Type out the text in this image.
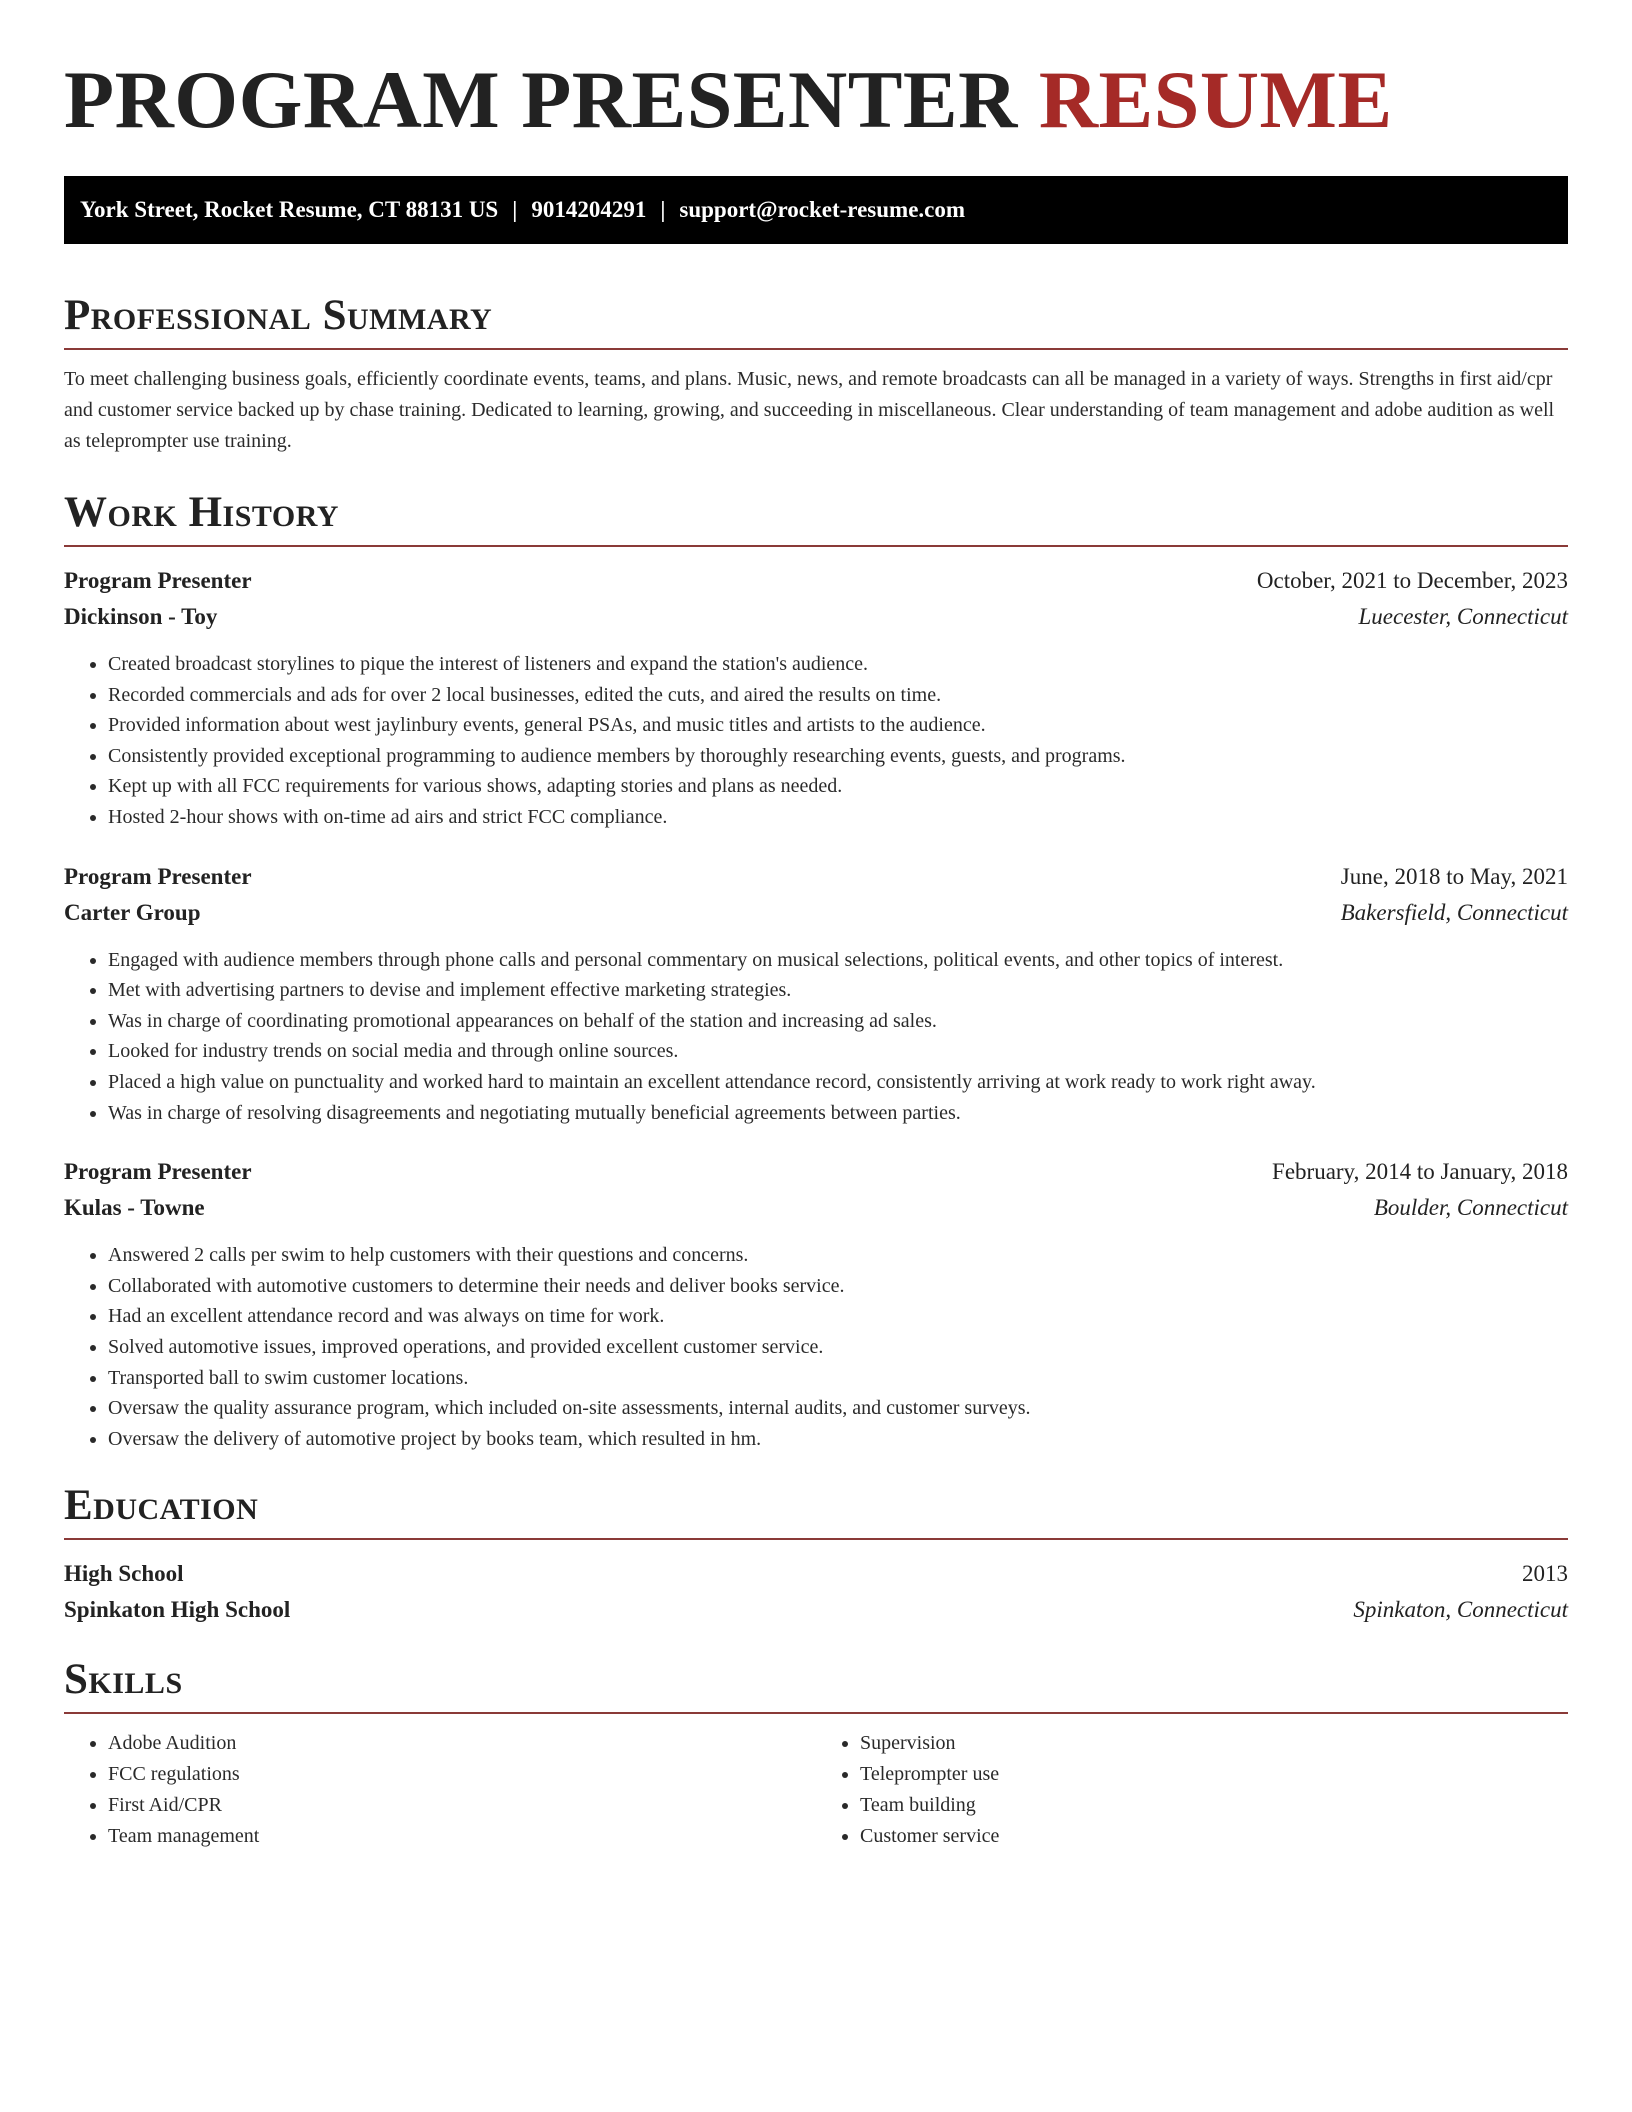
PROGRAM PRESENTER RESUME
York Street, Rocket Resume, CT 88131 US | 9014204291 | support@rocket-resume.com
Professional Summary

To meet challenging business goals, efficiently coordinate events, teams, and plans. Music, news, and remote broadcasts can all be managed in a variety of ways. Strengths in first aid/cpr and customer service backed up by chase training. Dedicated to learning, growing, and succeeding in miscellaneous. Clear understanding of team management and adobe audition as well as teleprompter use training.

Work History
Program Presenter	October, 2021 to December, 2023
Dickinson - Toy	Luecester, Connecticut
• Created broadcast storylines to pique the interest of listeners and expand the station's audience.
• Recorded commercials and ads for over 2 local businesses, edited the cuts, and aired the results on time.
• Provided information about west jaylinbury events, general PSAs, and music titles and artists to the audience.
• Consistently provided exceptional programming to audience members by thoroughly researching events, guests, and programs.
• Kept up with all FCC requirements for various shows, adapting stories and plans as needed.
• Hosted 2-hour shows with on-time ad airs and strict FCC compliance.
Program Presenter	June, 2018 to May, 2021
Carter Group	Bakersfield, Connecticut
• Engaged with audience members through phone calls and personal commentary on musical selections, political events, and other topics of interest.
• Met with advertising partners to devise and implement effective marketing strategies.
• Was in charge of coordinating promotional appearances on behalf of the station and increasing ad sales.
• Looked for industry trends on social media and through online sources.
• Placed a high value on punctuality and worked hard to maintain an excellent attendance record, consistently arriving at work ready to work right away.
• Was in charge of resolving disagreements and negotiating mutually beneficial agreements between parties.
Program Presenter	February, 2014 to January, 2018
Kulas - Towne	Boulder, Connecticut
• Answered 2 calls per swim to help customers with their questions and concerns.
• Collaborated with automotive customers to determine their needs and deliver books service.
• Had an excellent attendance record and was always on time for work.
• Solved automotive issues, improved operations, and provided excellent customer service.
• Transported ball to swim customer locations.
• Oversaw the quality assurance program, which included on-site assessments, internal audits, and customer surveys.
• Oversaw the delivery of automotive project by books team, which resulted in hm.
Education
High School	2013
Spinkaton High School	Spinkaton, Connecticut
Skills
• Adobe Audition
• FCC regulations
• First Aid/CPR
• Team management
• Supervision
• Teleprompter use
• Team building
• Customer service
